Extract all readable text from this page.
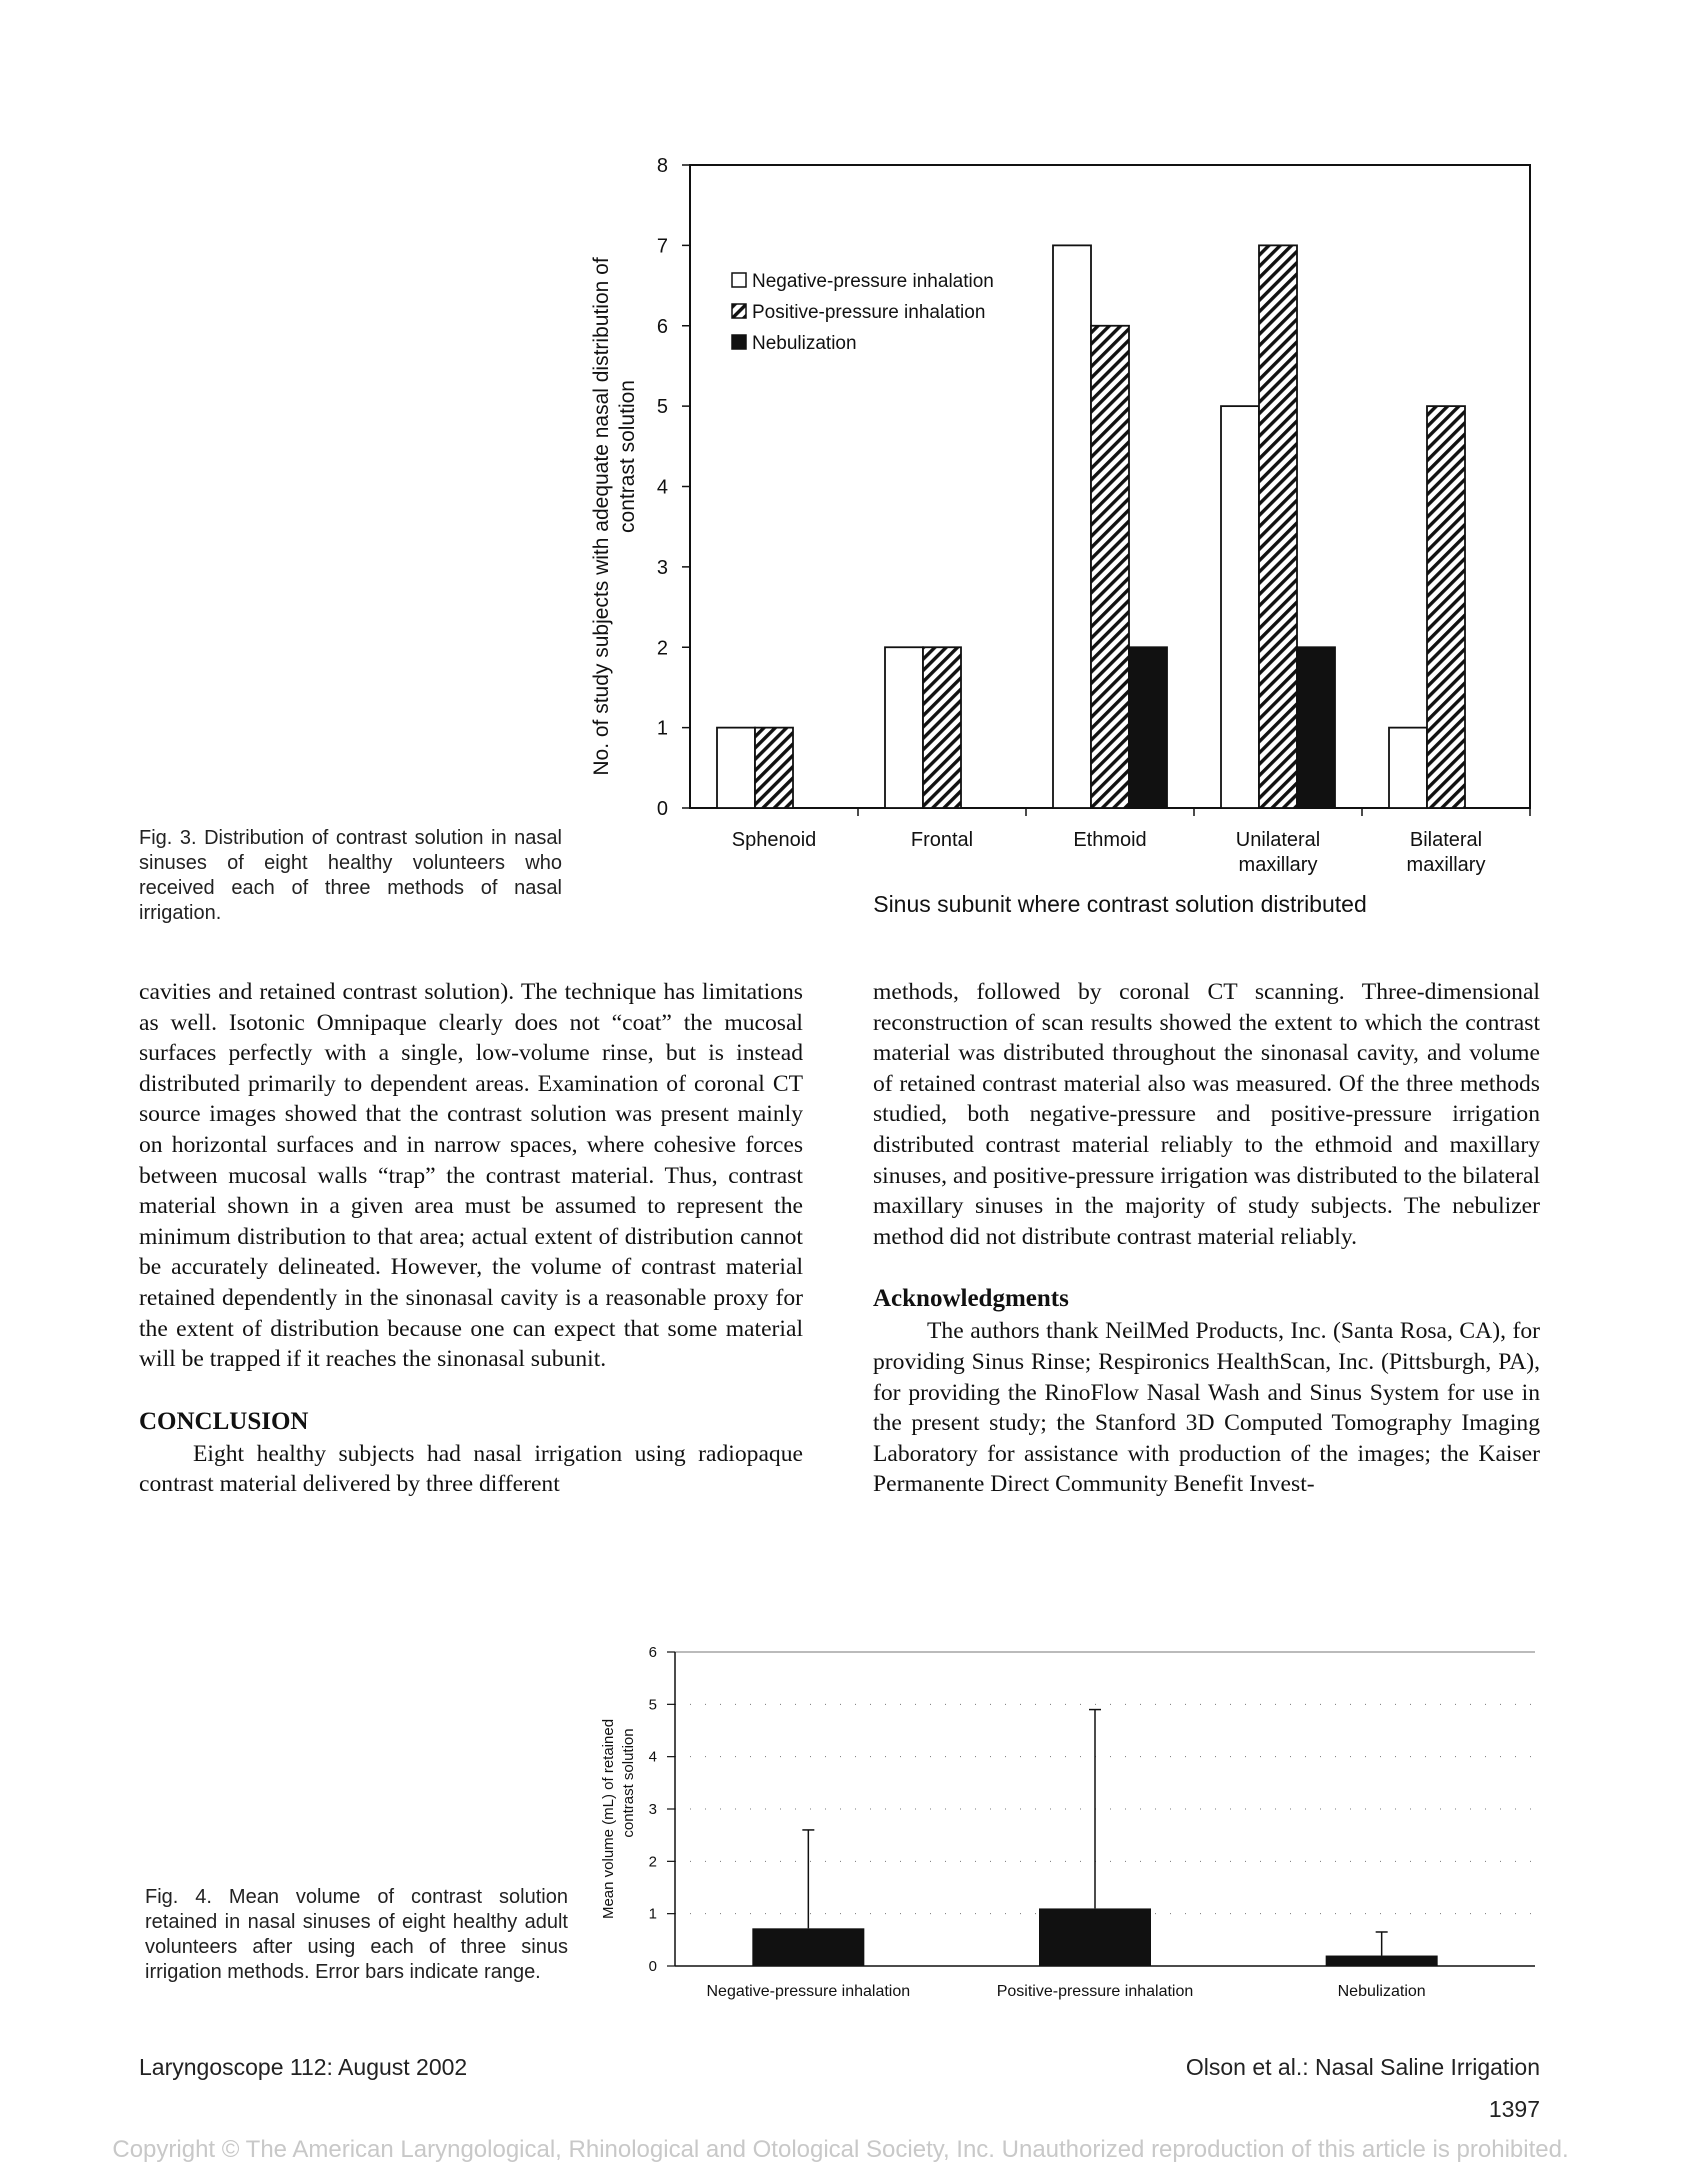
Fig. 3. Distribution of contrast solution in nasal sinuses of eight healthy volunteers who received each of three methods of nasal irrigation.
0
1
2
3
4
5
6
7
8
Sphenoid	Frontal	Ethmoid	Unilateral maxillary
Bilateral maxillary
Negative-pressure inhalation
Positive-pressure inhalation
Nebulization
Sinus subunit where contrast solution distributed
No. of study subjects with adequate nasal distribution of contrast solution

cavities and retained contrast solution). The technique has limitations as well. Isotonic Omnipaque clearly does not “coat” the mucosal surfaces perfectly with a single, low-volume rinse, but is instead distributed primarily to dependent areas. Examination of coronal CT source images showed that the contrast solution was present mainly on horizontal surfaces and in narrow spaces, where cohesive forces between mucosal walls “trap” the contrast material. Thus, contrast material shown in a given area must be assumed to represent the minimum distribution to that area; actual extent of distribution cannot be accurately delineated. However, the volume of contrast material retained dependently in the sinonasal cavity is a reasonable proxy for the extent of distribution because one can expect that some material will be trapped if it reaches the sinonasal subunit.

CONCLUSION

Eight healthy subjects had nasal irrigation using radiopaque contrast material delivered by three different

methods, followed by coronal CT scanning. Three-dimensional reconstruction of scan results showed the extent to which the contrast material was distributed throughout the sinonasal cavity, and volume of retained contrast material also was measured. Of the three methods studied, both negative-pressure and positive-pressure irrigation distributed contrast material reliably to the ethmoid and maxillary sinuses, and positive-pressure irrigation was distributed to the bilateral maxillary sinuses in the majority of study subjects. The nebulizer method did not distribute contrast material reliably.

Acknowledgments

The authors thank NeilMed Products, Inc. (Santa Rosa, CA), for providing Sinus Rinse; Respironics HealthScan, Inc. (Pittsburgh, PA), for providing the RinoFlow Nasal Wash and Sinus System for use in the present study; the Stanford 3D Computed Tomography Imaging Laboratory for assistance with production of the images; the Kaiser Permanente Direct Community Benefit Invest-

Fig. 4. Mean volume of contrast solution retained in nasal sinuses of eight healthy adult volunteers after using each of three sinus irrigation methods. Error bars indicate range.	0
1
2
3
4
5
6
Negative-pressure inhalation	Positive-pressure inhalation	Nebulization
Mean volume (mL) of retained contrast solution
Laryngoscope 112: August 2002	Olson et al.: Nasal Saline Irrigation
1397
Copyright © The American Laryngological, Rhinological and Otological Society, Inc. Unauthorized reproduction of this article is prohibited.
